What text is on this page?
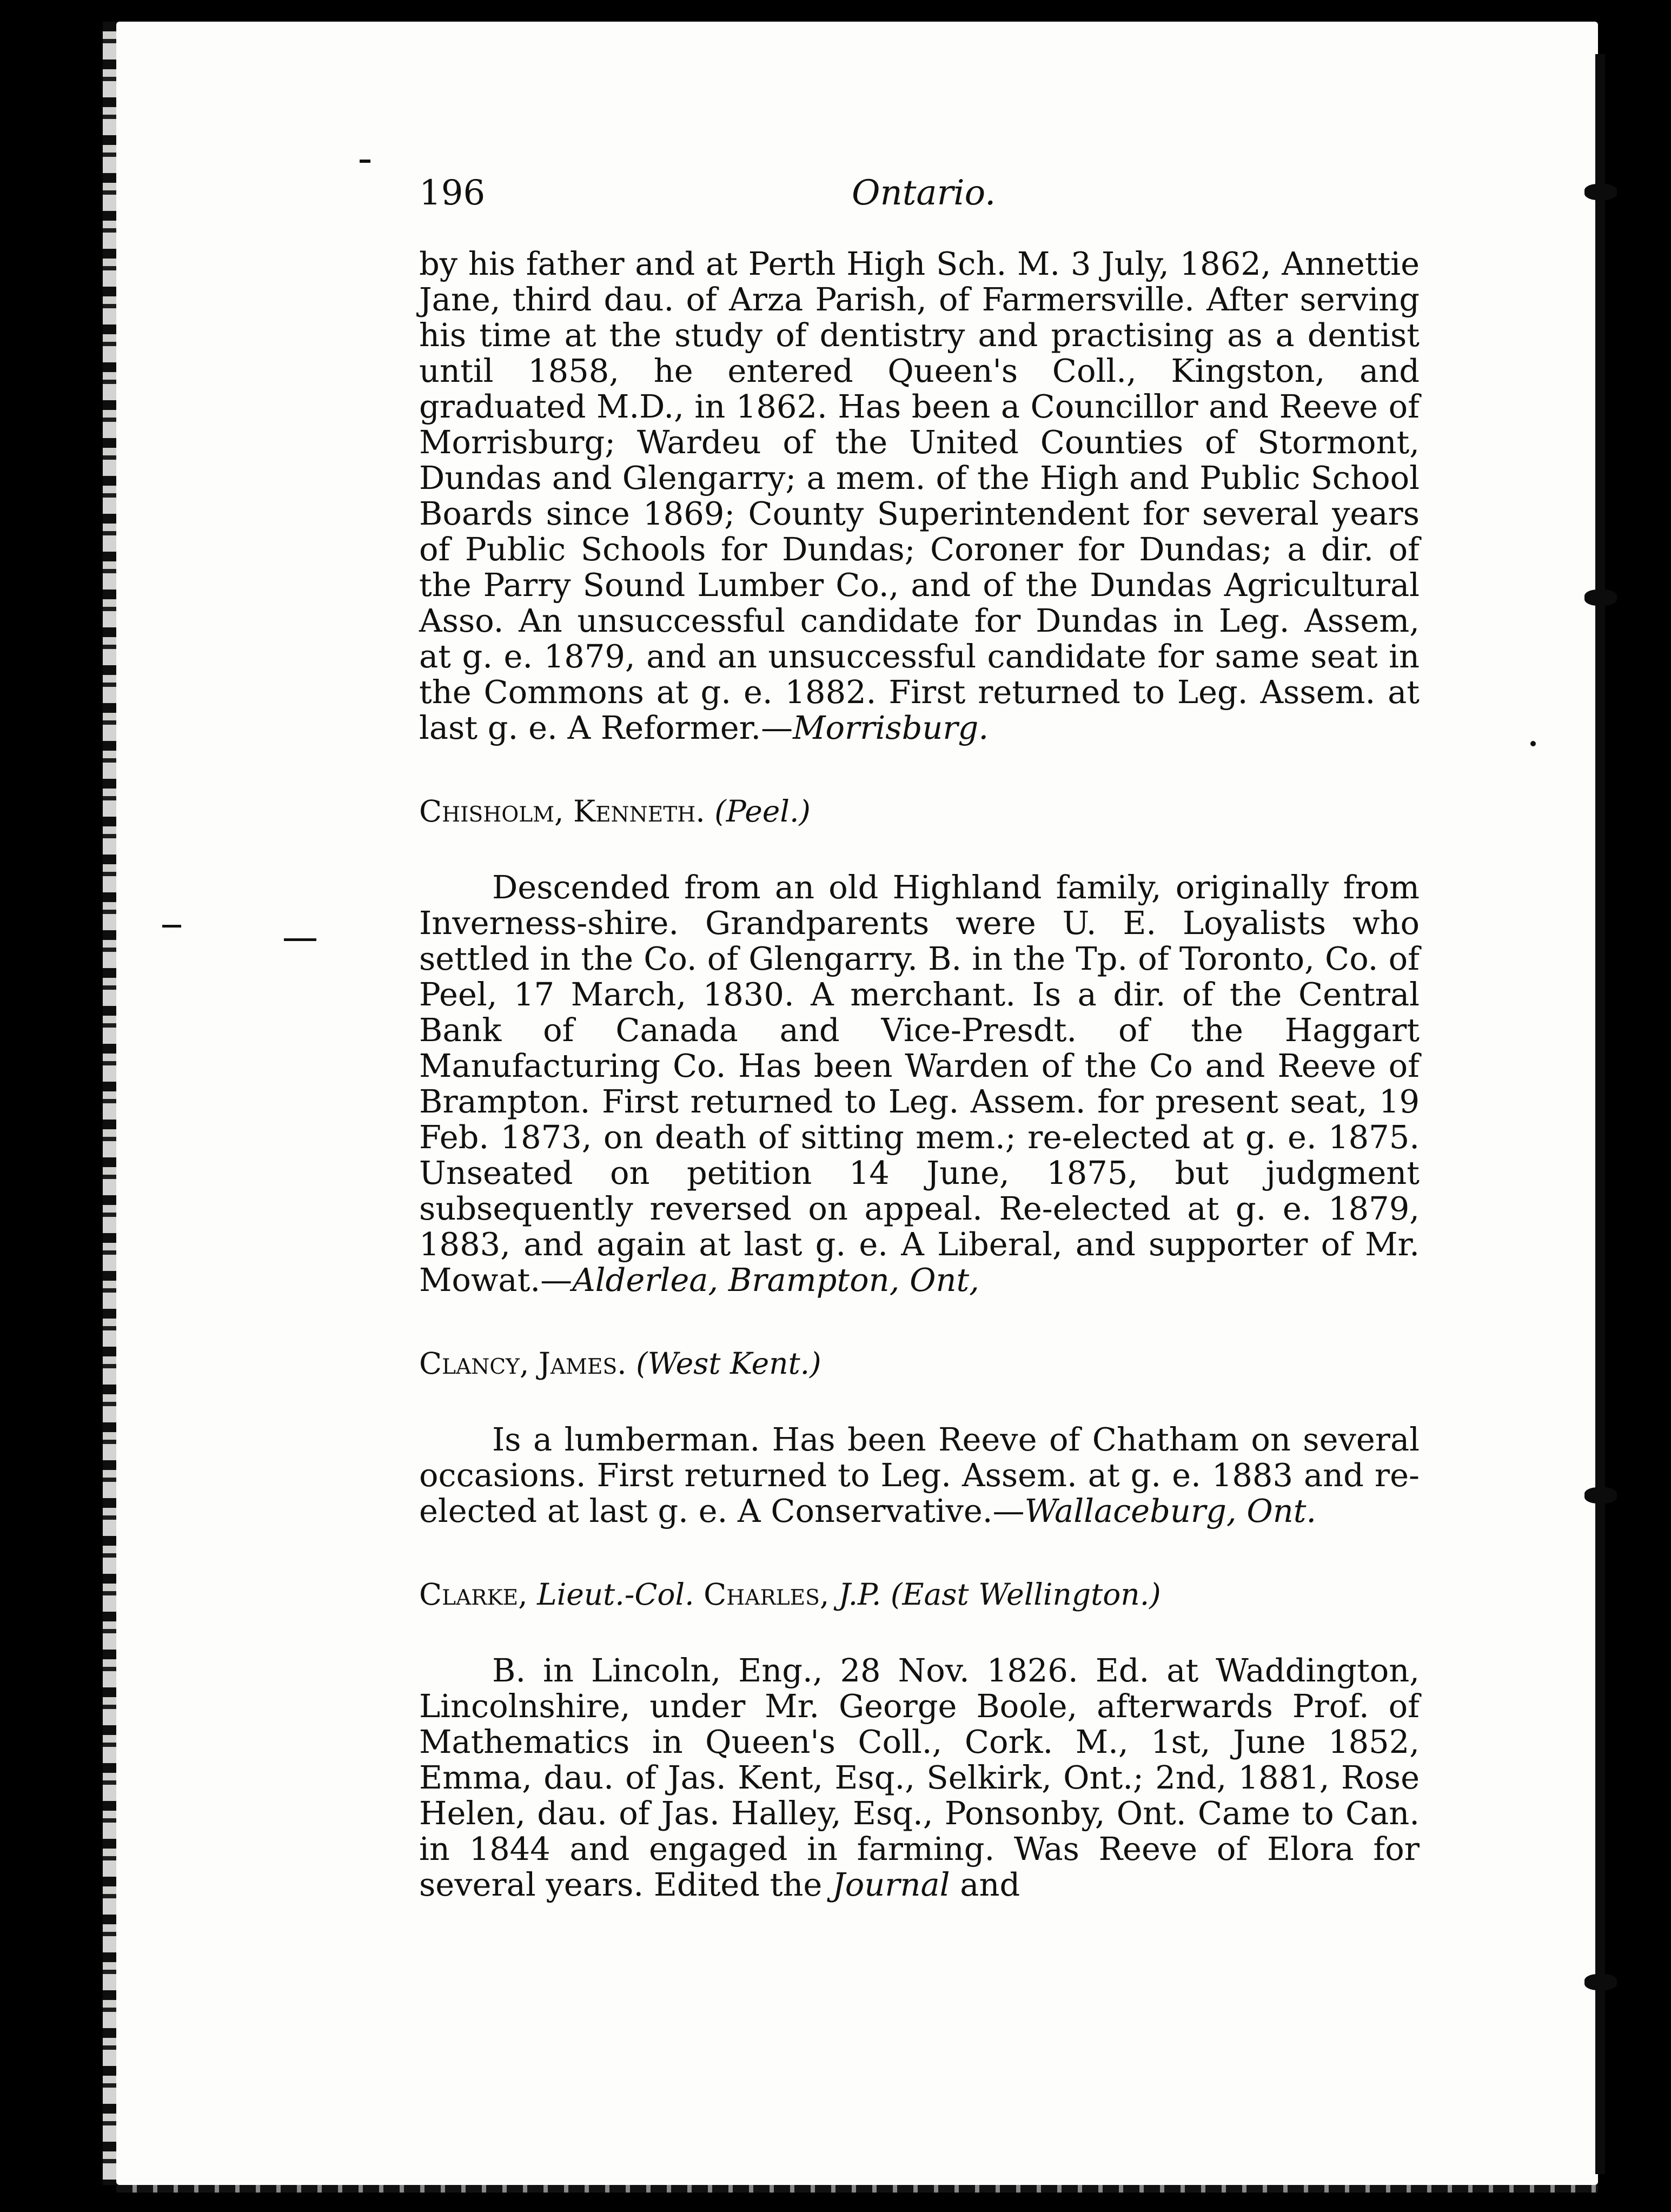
196	Ontario.

by his father and at Perth High Sch. M. 3 July, 1862, Annettie Jane, third dau. of Arza Parish, of Farmersville. After serving his time at the study of dentistry and practising as a dentist until 1858, he entered Queen's Coll., Kingston, and graduated M.D., in 1862. Has been a Councillor and Reeve of Morrisburg; Wardeu of the United Counties of Stormont, Dundas and Glengarry; a mem. of the High and Public School Boards since 1869; County Superintendent for several years of Public Schools for Dundas; Coroner for Dundas; a dir. of the Parry Sound Lumber Co., and of the Dundas Agricultural Asso. An unsuccessful candidate for Dundas in Leg. Assem, at g. e. 1879, and an unsuccessful candidate for same seat in the Commons at g. e. 1882. First returned to Leg. Assem. at last g. e. A Reformer.—Morrisburg.

Chisholm, Kenneth. (Peel.)

Descended from an old Highland family, originally from Inverness-shire. Grandparents were U. E. Loyalists who settled in the Co. of Glengarry. B. in the Tp. of Toronto, Co. of Peel, 17 March, 1830. A merchant. Is a dir. of the Central Bank of Canada and Vice-Presdt. of the Haggart Manufacturing Co. Has been Warden of the Co and Reeve of Brampton. First returned to Leg. Assem. for present seat, 19 Feb. 1873, on death of sitting mem.; re-elected at g. e. 1875. Unseated on petition 14 June, 1875, but judgment subsequently reversed on appeal. Re-elected at g. e. 1879, 1883, and again at last g. e. A Liberal, and supporter of Mr. Mowat.—Alderlea, Brampton, Ont,

Clancy, James. (West Kent.)

Is a lumberman. Has been Reeve of Chatham on several occasions. First returned to Leg. Assem. at g. e. 1883 and re-elected at last g. e. A Conservative.—Wallaceburg, Ont.

Clarke, Lieut.-Col. Charles, J.P. (East Wellington.)

B. in Lincoln, Eng., 28 Nov. 1826. Ed. at Waddington, Lincolnshire, under Mr. George Boole, afterwards Prof. of Mathematics in Queen's Coll., Cork. M., 1st, June 1852, Emma, dau. of Jas. Kent, Esq., Selkirk, Ont.; 2nd, 1881, Rose Helen, dau. of Jas. Halley, Esq., Ponsonby, Ont. Came to Can. in 1844 and engaged in farming. Was Reeve of Elora for several years. Edited the Journal and
